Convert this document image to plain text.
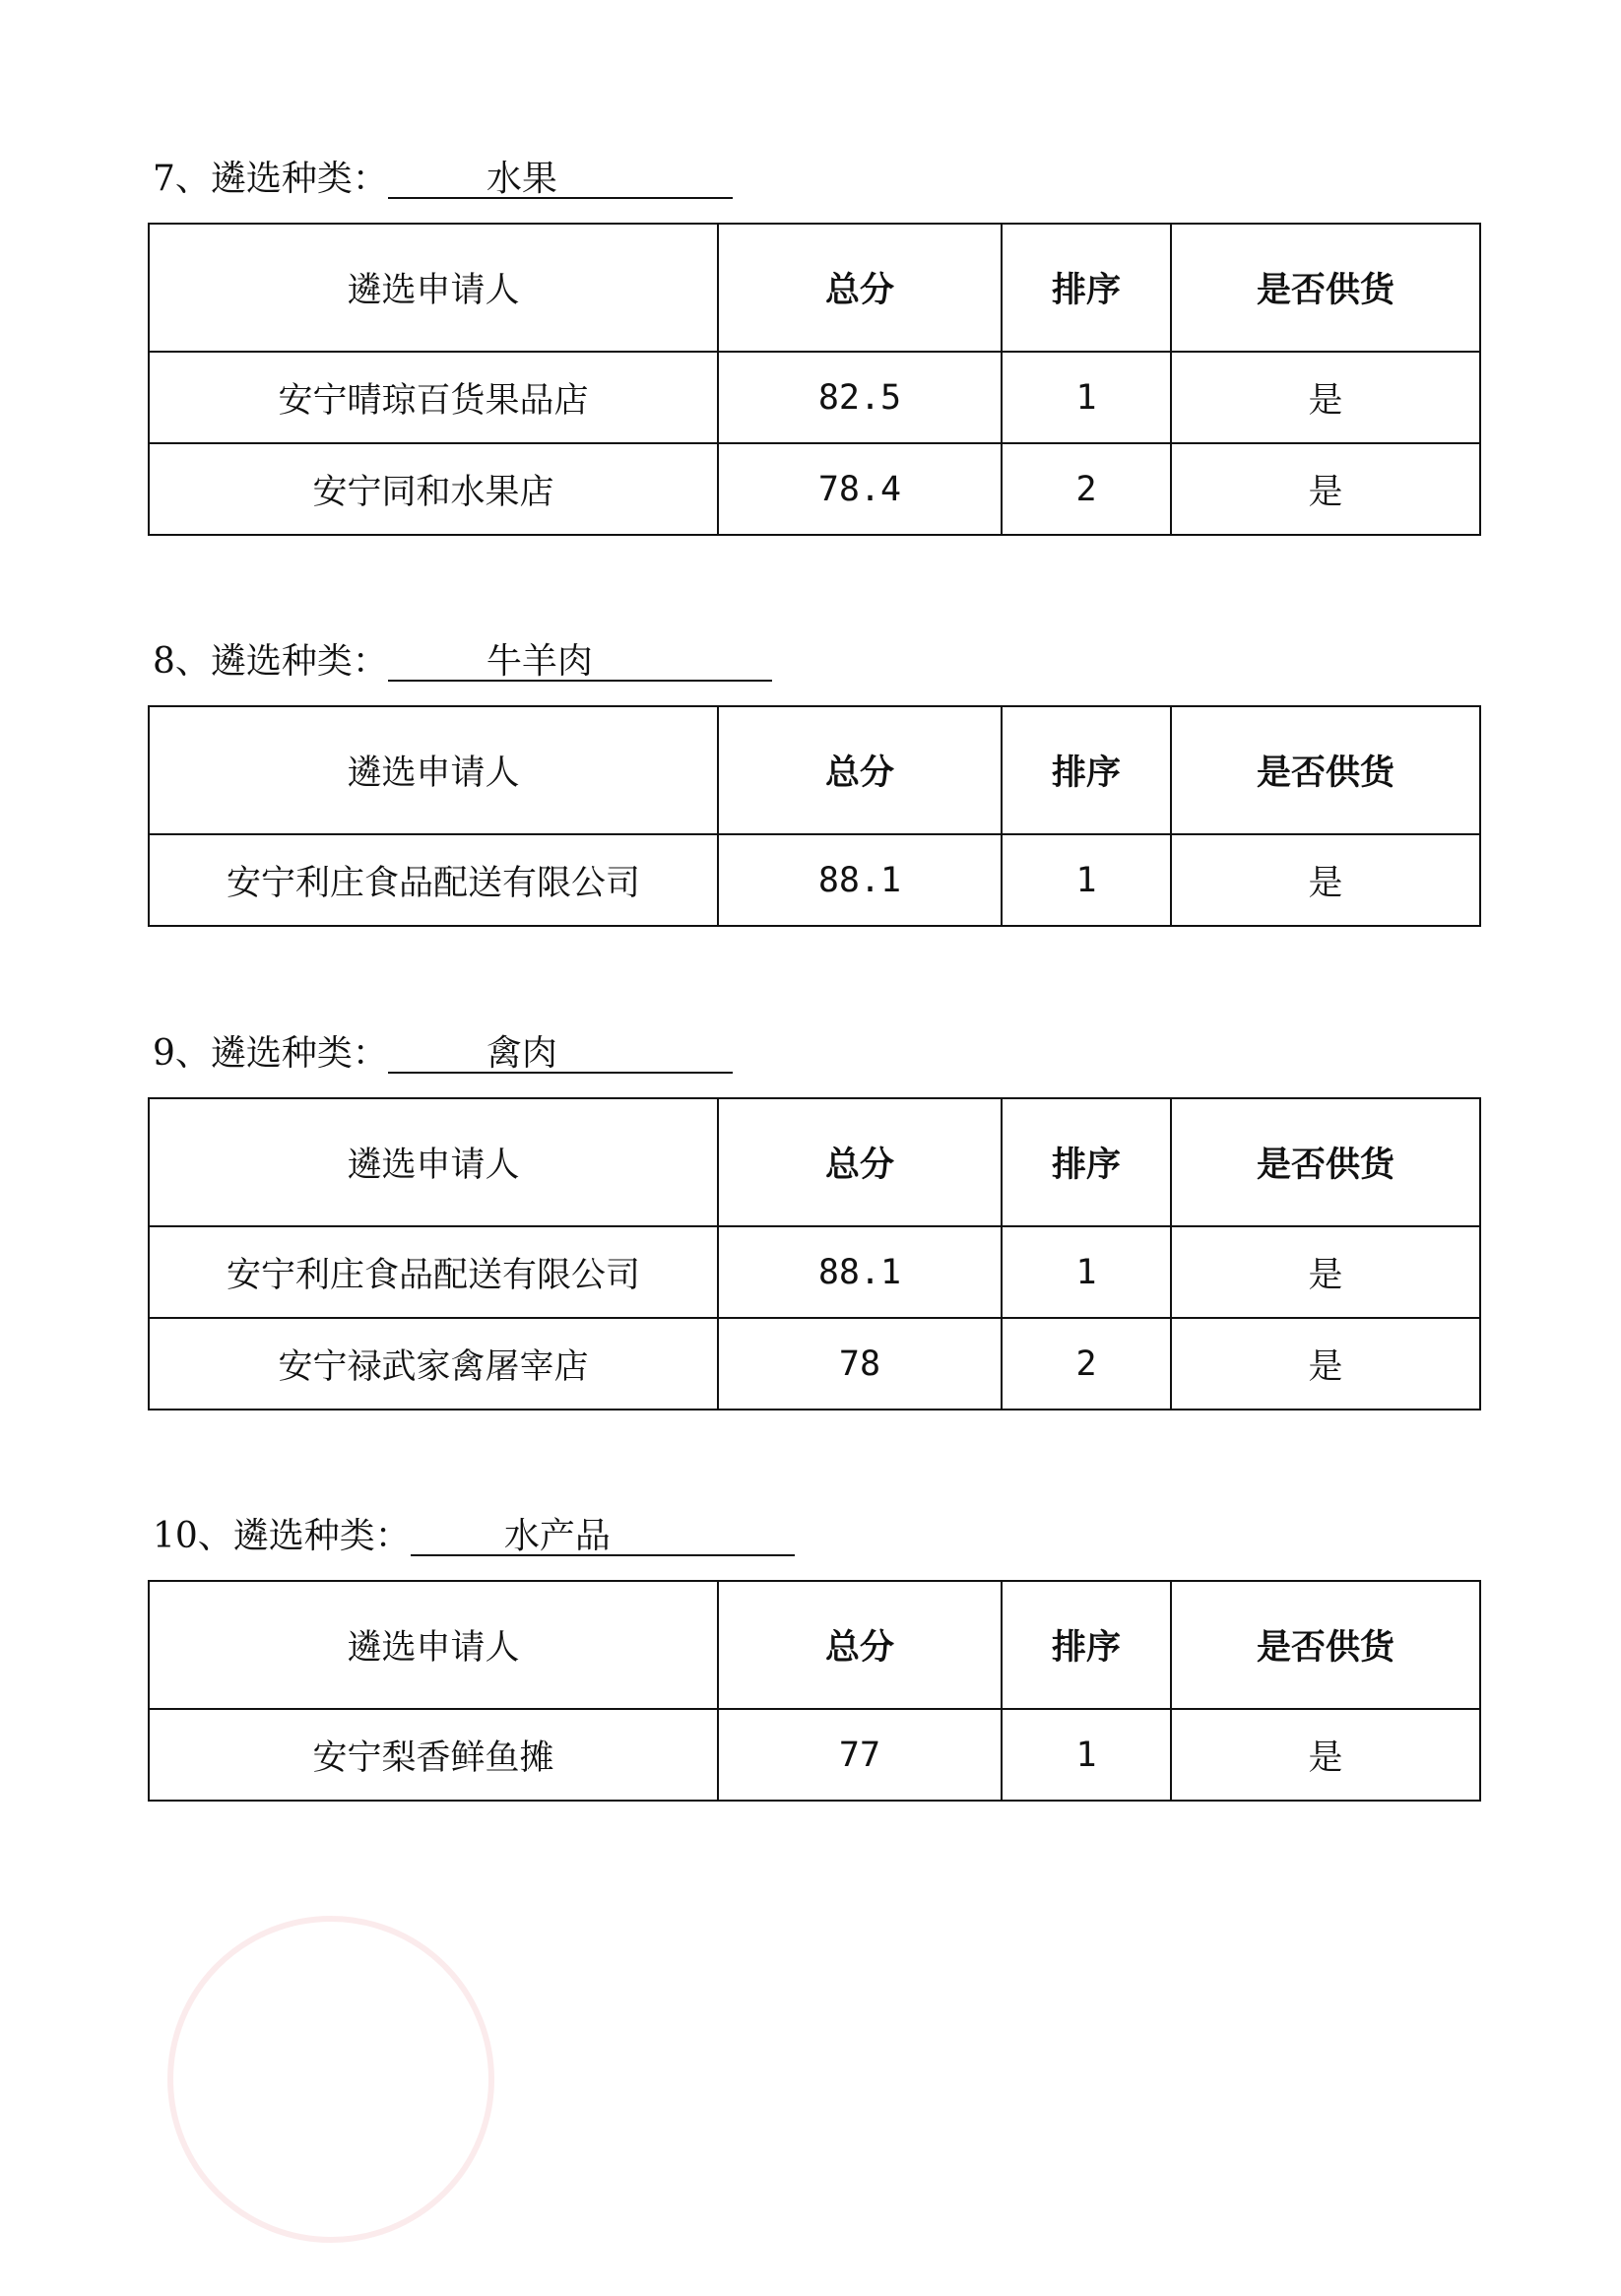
7、遴选种类：	水果
遴选申请人	总分	排序	是否供货
安宁晴琼百货果品店	82.5	1	是
安宁同和水果店	78.4	2	是
8、遴选种类：	牛羊肉
遴选申请人	总分	排序	是否供货
安宁利庄食品配送有限公司	88.1	1	是
9、遴选种类：	禽肉
遴选申请人	总分	排序	是否供货
安宁利庄食品配送有限公司	88.1	1	是
安宁禄武家禽屠宰店	78	2	是
10、遴选种类：	水产品
遴选申请人	总分	排序	是否供货
安宁梨香鲜鱼摊	77	1	是
